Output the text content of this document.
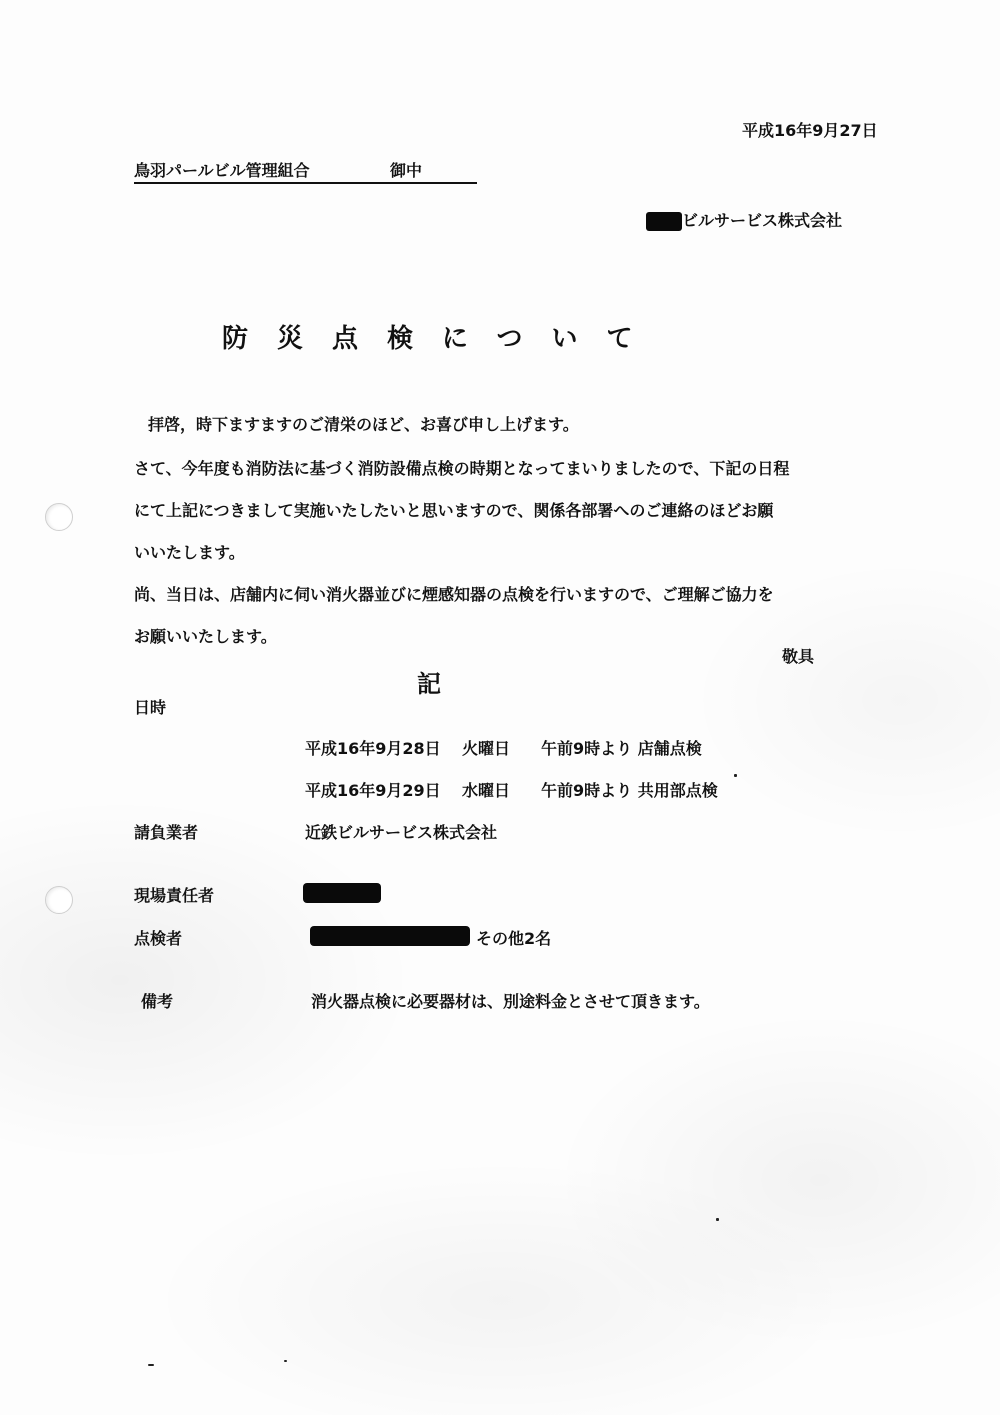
平成16年9月27日
鳥羽パールビル管理組合	御中
ビルサービス株式会社
防災点検について
拝啓，時下ますますのご清栄のほど、お喜び申し上げます。
さて、今年度も消防法に基づく消防設備点検の時期となってまいりましたので、下記の日程
にて上記につきまして実施いたしたいと思いますので、関係各部署へのご連絡のほどお願
いいたします。
尚、当日は、店舗内に伺い消火器並びに煙感知器の点検を行いますので、ご理解ご協力を
お願いいたします。
敬具
記
日時
平成16年9月28日 火曜日 午前9時より 店舗点検
平成16年9月29日 水曜日 午前9時より 共用部点検
請負業者	近鉄ビルサービス株式会社
現場責任者
点検者	その他2名
備考	消火器点検に必要器材は、別途料金とさせて頂きます。
